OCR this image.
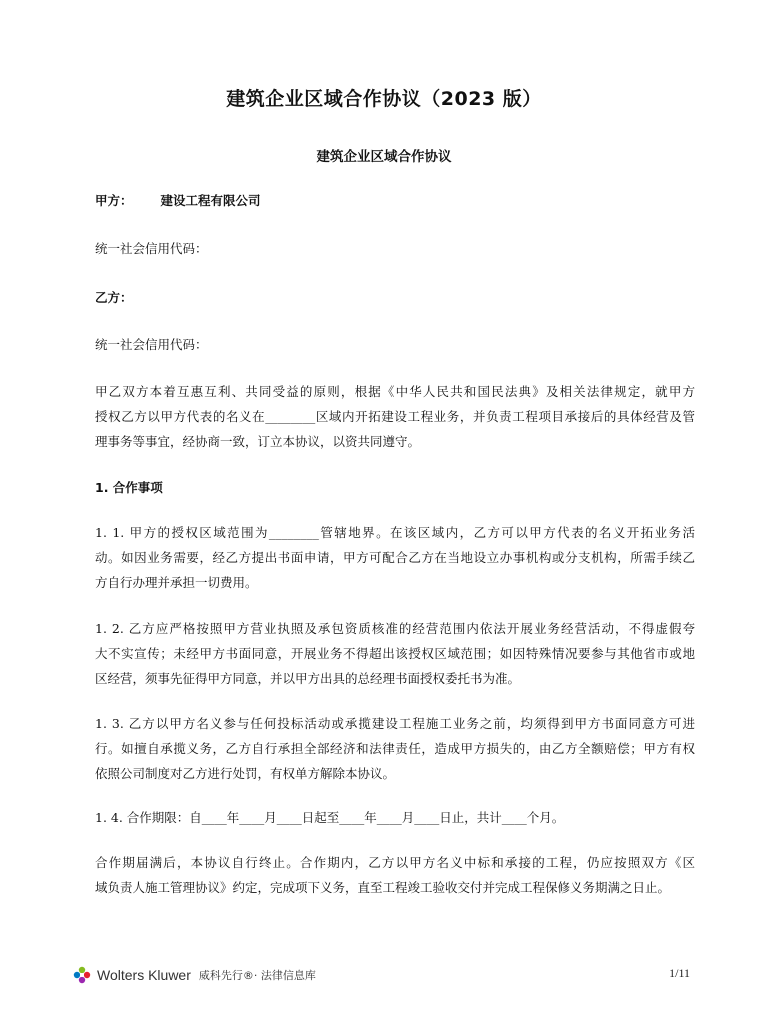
建筑企业区域合作协议（2023 版）
建筑企业区域合作协议
甲方： 建设工程有限公司
统一社会信用代码：
乙方：
统一社会信用代码：
甲乙双方本着互惠互利、共同受益的原则，根据《中华人民共和国民法典》及相关法律规定，就甲方
授权乙方以甲方代表的名义在________区域内开拓建设工程业务，并负责工程项目承接后的具体经营及管
理事务等事宜，经协商一致，订立本协议，以资共同遵守。
1. 合作事项
1. 1. 甲方的授权区域范围为________管辖地界。在该区域内，乙方可以甲方代表的名义开拓业务活
动。如因业务需要，经乙方提出书面申请，甲方可配合乙方在当地设立办事机构或分支机构，所需手续乙
方自行办理并承担一切费用。
1. 2. 乙方应严格按照甲方营业执照及承包资质核准的经营范围内依法开展业务经营活动，不得虚假夸
大不实宣传；未经甲方书面同意，开展业务不得超出该授权区域范围；如因特殊情况要参与其他省市或地
区经营，须事先征得甲方同意，并以甲方出具的总经理书面授权委托书为准。
1. 3. 乙方以甲方名义参与任何投标活动或承揽建设工程施工业务之前，均须得到甲方书面同意方可进
行。如擅自承揽义务，乙方自行承担全部经济和法律责任，造成甲方损失的，由乙方全额赔偿；甲方有权
依照公司制度对乙方进行处罚，有权单方解除本协议。
1. 4. 合作期限：自____年____月____日起至____年____月____日止，共计____个月。
合作期届满后，本协议自行终止。合作期内，乙方以甲方名义中标和承接的工程，仍应按照双方《区
域负责人施工管理协议》约定，完成项下义务，直至工程竣工验收交付并完成工程保修义务期满之日止。
Wolters Kluwer 威科先行®· 法律信息库	1/11
